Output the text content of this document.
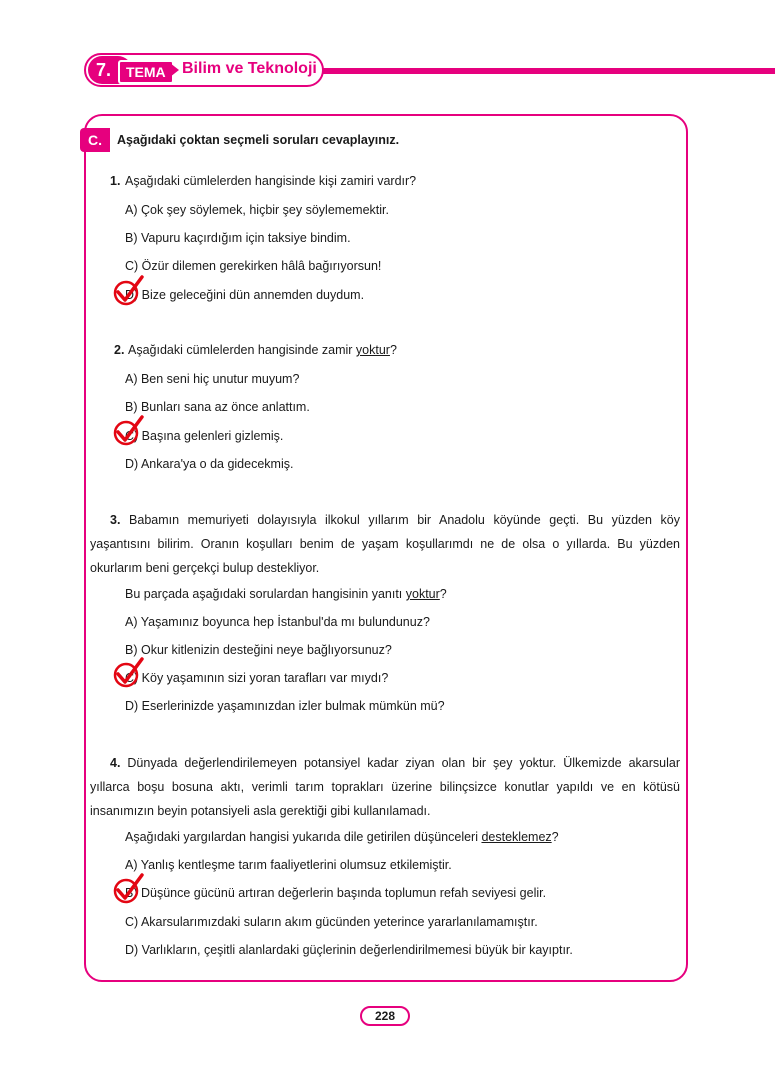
7.	TEMA	Bilim ve Teknoloji
C.	Aşağıdaki çoktan seçmeli soruları cevaplayınız.
1. Aşağıdaki cümlelerden hangisinde kişi zamiri vardır?
A) Çok şey söylemek, hiçbir şey söylememektir.
B) Vapuru kaçırdığım için taksiye bindim.
C) Özür dilemen gerekirken hâlâ bağırıyorsun!
D) Bize geleceğini dün annemden duydum.
2. Aşağıdaki cümlelerden hangisinde zamir yoktur?
A) Ben seni hiç unutur muyum?
B) Bunları sana az önce anlattım.
C) Başına gelenleri gizlemiş.
D) Ankara'ya o da gidecekmiş.
3. Babamın memuriyeti dolayısıyla ilkokul yıllarım bir Anadolu köyünde geçti. Bu yüzden köy yaşantısını bilirim. Oranın koşulları benim de yaşam koşullarımdı ne de olsa o yıllarda. Bu yüzden okurlarım beni gerçekçi bulup destekliyor.
Bu parçada aşağıdaki sorulardan hangisinin yanıtı yoktur?
A) Yaşamınız boyunca hep İstanbul'da mı bulundunuz?
B) Okur kitlenizin desteğini neye bağlıyorsunuz?
C) Köy yaşamının sizi yoran tarafları var mıydı?
D) Eserlerinizde yaşamınızdan izler bulmak mümkün mü?
4. Dünyada değerlendirilemeyen potansiyel kadar ziyan olan bir şey yoktur. Ülkemizde akarsular yıllarca boşu bosuna aktı, verimli tarım toprakları üzerine bilinçsizce konutlar yapıldı ve en kötüsü insanımızın beyin potansiyeli asla gerektiği gibi kullanılamadı.
Aşağıdaki yargılardan hangisi yukarıda dile getirilen düşünceleri desteklemez?
A) Yanlış kentleşme tarım faaliyetlerini olumsuz etkilemiştir.
B) Düşünce gücünü artıran değerlerin başında toplumun refah seviyesi gelir.
C) Akarsularımızdaki suların akım gücünden yeterince yararlanılamamıştır.
D) Varlıkların, çeşitli alanlardaki güçlerinin değerlendirilmemesi büyük bir kayıptır.
228
